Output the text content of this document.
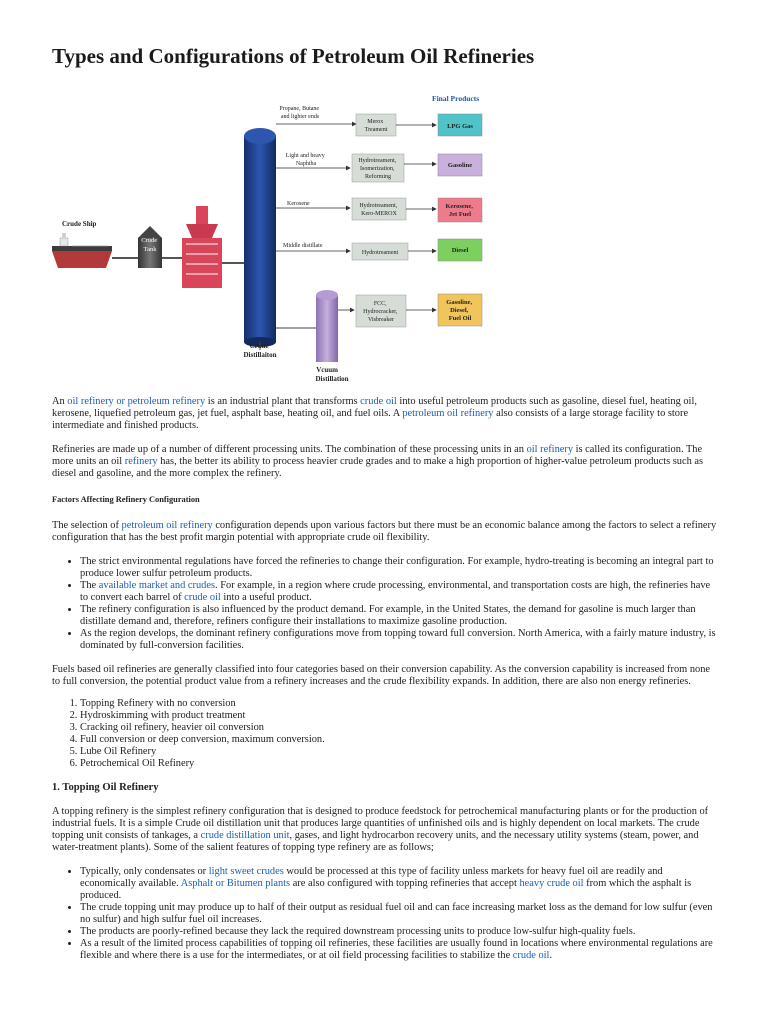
Types and Configurations of Petroleum Oil Refineries
Final Products
Crude Ship
Crude Tank
Crude Distillaiton
Vcuum Distillation
Propane, Butane and lighter ends
Light and heavy Naphtha
Kerosene
Middle distillate
Merox Treament
Hydrotreament, Isomerization, Reforming
Hydrotreament, Kero-MEROX
Hydrotreament
FCC, Hydrocracker, Visbreaker
LPG Gas
Gasoline
Kerosene, Jet Fuel
Diesel
Gasoline, Diesel, Fuel Oil

An oil refinery or petroleum refinery is an industrial plant that transforms crude oil into useful petroleum products such as gasoline, diesel fuel, heating oil, kerosene, liquefied petroleum gas, jet fuel, asphalt base, heating oil, and fuel oils. A petroleum oil refinery also consists of a large storage facility to store intermediate and finished products.

Refineries are made up of a number of different processing units. The combination of these processing units in an oil refinery is called its configuration. The more units an oil refinery has, the better its ability to process heavier crude grades and to make a high proportion of higher-value petroleum products such as diesel and gasoline, and the more complex the refinery.

Factors Affecting Refinery Configuration

The selection of petroleum oil refinery configuration depends upon various factors but there must be an economic balance among the factors to select a refinery configuration that has the best profit margin potential with appropriate crude oil flexibility.

• The strict environmental regulations have forced the refineries to change their configuration. For example, hydro-treating is becoming an integral part to produce lower sulfur petroleum products.
• The available market and crudes. For example, in a region where crude processing, environmental, and transportation costs are high, the refineries have to convert each barrel of crude oil into a useful product.
• The refinery configuration is also influenced by the product demand. For example, in the United States, the demand for gasoline is much larger than distillate demand and, therefore, refiners configure their installations to maximize gasoline production.
• As the region develops, the dominant refinery configurations move from topping toward full conversion. North America, with a fairly mature industry, is dominated by full-conversion facilities.

Fuels based oil refineries are generally classified into four categories based on their conversion capability. As the conversion capability is increased from none to full conversion, the potential product value from a refinery increases and the crude flexibility expands. In addition, there are also non energy refineries.

1. Topping Refinery with no conversion
2. Hydroskimming with product treatment
3. Cracking oil refinery, heavier oil conversion
4. Full conversion or deep conversion, maximum conversion.
5. Lube Oil Refinery
6. Petrochemical Oil Refinery
1. Topping Oil Refinery

A topping refinery is the simplest refinery configuration that is designed to produce feedstock for petrochemical manufacturing plants or for the production of industrial fuels. It is a simple Crude oil distillation unit that produces large quantities of unfinished oils and is highly dependent on local markets. The crude topping unit consists of tankages, a crude distillation unit, gases, and light hydrocarbon recovery units, and the necessary utility systems (steam, power, and water-treatment plants). Some of the salient features of topping type refinery are as follows;

• Typically, only condensates or light sweet crudes would be processed at this type of facility unless markets for heavy fuel oil are readily and economically available. Asphalt or Bitumen plants are also configured with topping refineries that accept heavy crude oil from which the asphalt is produced.
• The crude topping unit may produce up to half of their output as residual fuel oil and can face increasing market loss as the demand for low sulfur (even no sulfur) and high sulfur fuel oil increases.
• The products are poorly-refined because they lack the required downstream processing units to produce low-sulfur high-quality fuels.
• As a result of the limited process capabilities of topping oil refineries, these facilities are usually found in locations where environmental regulations are flexible and where there is a use for the intermediates, or at oil field processing facilities to stabilize the crude oil.
